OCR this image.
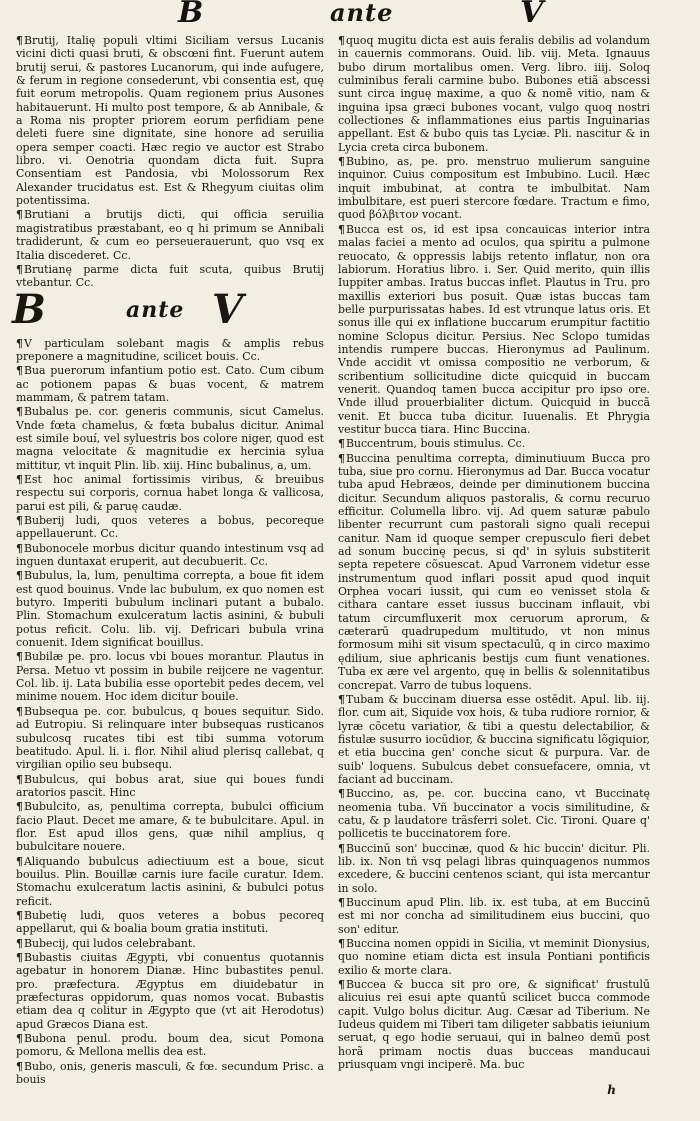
B	ante	V

¶Brutij, Italię populi vltimi Siciliam versus Lucanis vicini dicti quasi bruti, & obscœni fint. Fuerunt autem brutij serui, & pastores Lucanorum, qui inde aufugere, & ferum in regione consederunt, vbi consentia est, quę fuit eorum metropolis. Quam regionem prius Ausones habitauerunt. Hi multo post tempore, & ab Annibale, & a Roma nis propter priorem eorum perfidiam pene deleti fuere sine dignitate, sine honore ad seruilia opera semper coacti. Hæc regio ve auctor est Strabo libro. vi. Oenotria quondam dicta fuit. Supra Consentiam est Pandosia, vbi Molossorum Rex Alexander trucidatus est. Est & Rhegyum ciuitas olim potentissima.

¶Brutiani a brutijs dicti, qui officia seruilia magistratibus præstabant, eo q hi primum se Annibali tradiderunt, & cum eo perseuerauerunt, quo vsq ex Italia discederet. Cc.

¶Brutianę parme dicta fuit scuta, quibus Brutij vtebantur. Cc.

B	ante V

¶V particulam solebant magis & amplis rebus preponere a magnitudine, scilicet bouis. Cc.

¶Bua puerorum infantium potio est. Cato. Cum cibum ac potionem papas & buas vocent, & matrem mammam, & patrem tatam.

¶Bubalus pe. cor. generis communis, sicut Camelus. Vnde fœta chamelus, & fœta bubalus dicitur. Animal est simile bouí, vel syluestris bos colore niger, quod est magna velocitate & magnitudie ex hercinia sylua mittitur, vt inquit Plin. lib. xiij. Hinc bubalinus, a, um.

¶Est hoc animal fortissimis viribus, & breuibus respectu sui corporis, cornua habet longa & vallicosa, parui est pili, & paruę caudæ.

¶Buberij ludi, quos veteres a bobus, pecoreque appellauerunt. Cc.

¶Bubonocele morbus dicitur quando intestinum vsq ad inguen duntaxat eruperit, aut decubuerit. Cc.

¶Bubulus, la, lum, penultima correpta, a boue fit idem est quod bouinus. Vnde lac bubulum, ex quo nomen est butyro. Imperiti bubulum inclinari putant a bubalo. Plin. Stomachum exulceratum lactis asinini, & bubuli potus reficit. Colu. lib. vij. Defricari bubula vrina conuenit. Idem significat bouillus.

¶Bubilæ pe. pro. locus vbi boues morantur. Plautus in Persa. Metuo vt possim in bubile reijcere ne vagentur. Col. lib. ij. Lata bubilia esse oportebit pedes decem, vel minime nouem. Hoc idem dicitur bouile.

¶Bubsequa pe. cor. bubulcus, q boues sequitur. Sido. ad Eutropiu. Si relinquare inter bubsequas rusticanos subulcosq rucates tibi est tibi summa votorum beatitudo. Apul. li. i. flor. Nihil aliud plerisq callebat, q virgilian opilio seu bubsequ.

¶Bubulcus, qui bobus arat, siue qui boues fundi aratorios pascit. Hinc

¶Bubulcito, as, penultima correpta, bubulci officium facio Plaut. Decet me amare, & te bubulcitare. Apul. in flor. Est apud illos gens, quæ nihil amplius, q bubulcitare nouere.

¶Aliquando bubulcus adiectiuum est a boue, sicut bouilus. Plin. Bouillæ carnis iure facile curatur. Idem. Stomachu exulceratum lactis asinini, & bubulci potus reficit.

¶Bubetię ludi, quos veteres a bobus pecoreq appellarut, qui & boalia boum gratia instituti.

¶Bubecij, qui ludos celebrabant.

¶Bubastis ciuitas Ægypti, vbi conuentus quotannis agebatur in honorem Dianæ. Hinc bubastites penul. pro. præfectura. Ægyptus em diuidebatur in præfecturas oppidorum, quas nomos vocat. Bubastis etiam dea q colitur in Ægypto que (vt ait Herodotus) apud Græcos Diana est.

¶Bubona penul. produ. boum dea, sicut Pomona pomoru, & Mellona mellis dea est.

¶Bubo, onis, generis masculi, & fœ. secundum Prisc. a bouis

¶quoq mugitu dicta est auis feralis debilis ad volandum in cauernis commorans. Ouid. lib. viij. Meta. Ignauus bubo dirum mortalibus omen. Verg. libro. iiij. Soloq culminibus ferali carmine bubo. Bubones etiã abscessi sunt circa inguę maxime, a quo & nomē vitio, nam & inguina ipsa græci bubones vocant, vulgo quoq nostri collectiones & inflammationes eius partis Inguinarias appellant. Est & bubo quis tas Lyciæ. Pli. nascitur & in Lycia creta circa bubonem.

¶Bubino, as, pe. pro. menstruo mulierum sanguine inquinor. Cuius compositum est Imbubino. Lucil. Hæc inquit imbubinat, at contra te imbulbitat. Nam imbulbitare, est pueri stercore fœdare. Tractum e fimo, quod βόλβιτον vocant.

¶Bucca est os, id est ipsa concauicas interior intra malas faciei a mento ad oculos, qua spiritu a pulmone reuocato, & oppressis labijs retento inflatur, non ora labiorum. Horatius libro. i. Ser. Quid merito, quin illis Iuppiter ambas. Iratus buccas inflet. Plautus in Tru. pro maxillis exteriori bus posuit. Quæ istas buccas tam belle purpurissatas habes. Id est vtrunque latus oris. Et sonus ille qui ex inflatione buccarum erumpitur factitio nomine Sclopus dicitur. Persius. Nec Sclopo tumidas intendis rumpere buccas. Hieronymus ad Paulinum. Vnde accidit vt omissa compositio ne verborum, & scribentium sollicitudine dicte quicquid in buccam venerit. Quandoq tamen bucca accipitur pro ipso ore. Vnde illud prouerbialiter dictum. Quicquid in buccã venit. Et bucca tuba dicitur. Iuuenalis. Et Phrygia vestitur bucca tiara. Hinc Buccina.

¶Buccentrum, bouis stimulus. Cc.

¶Buccina penultima correpta, diminutiuum Bucca pro tuba, siue pro cornu. Hieronymus ad Dar. Bucca vocatur tuba apud Hebræos, deinde per diminutionem buccina dicitur. Secundum aliquos pastoralis, & cornu recuruo efficitur. Columella libro. vij. Ad quem saturæ pabulo libenter recurrunt cum pastorali signo quali recepui canitur. Nam id quoque semper crepusculo fieri debet ad sonum buccinę pecus, si qd' in syluis substiterit septa repetere cõsuescat. Apud Varronem videtur esse instrumentum quod inflari possit apud quod inquit Orphea vocari iussit, qui cum eo venisset stola & cithara cantare esset iussus buccinam inflauit, vbi tatum circumfluxerit mox ceruorum aprorum, & cæterarū quadrupedum multitudo, vt non minus formosum mihi sit visum spectaculū, q in circo maximo ędilium, siue aphricanis bestijs cum fiunt venationes. Tuba ex ære vel argento, quę in bellis & solennitatibus concrepat. Varro de tubus loquens.

¶Tubam & buccinam diuersa esse ostēdit. Apul. lib. iij. flor. cum ait, Siquide vox hois, & tuba rudiore rornior, & lyræ cõcetu variatior, & tibi a questu delectabilior, & fistulæ susurro iocūdior, & buccina significatu lõgiquior, et etia buccina gen' conche sicut & purpura. Var. de suib' loquens. Subulcus debet consuefacere, omnia, vt faciant ad buccinam.

¶Buccino, as, pe. cor. buccina cano, vt Buccinatę neomenia tuba. Vñ buccinator a vocis similitudine, & catu, & p laudatore trãsferri solet. Cic. Tironi. Quare q' pollicetis te buccinatorem fore.

¶Buccinū son' buccinæ, quod & hic buccin' dicitur. Pli. lib. ix. Non tñ vsq pelagi libras quinquagenos nummos excedere, & buccini centenos sciant, qui ista mercantur in solo.

¶Buccinum apud Plin. lib. ix. est tuba, at em Buccinū est mi nor concha ad similitudinem eius buccini, quo son' editur.

¶Buccina nomen oppidi in Sicilia, vt meminit Dionysius, quo nomine etiam dicta est insula Pontiani pontificis exilio & morte clara.

¶Buccea & bucca sit pro ore, & significat' frustulū alicuius rei esui apte quantū scilicet bucca commode capit. Vulgo bolus dicitur. Aug. Cæsar ad Tiberium. Ne Iudeus quidem mi Tiberi tam diligeter sabbatis ieiunium seruat, q ego hodie seruaui, qui in balneo demū post horã primam noctis duas bucceas manducaui priusquam vngi inciperẽ. Ma. buc

h
